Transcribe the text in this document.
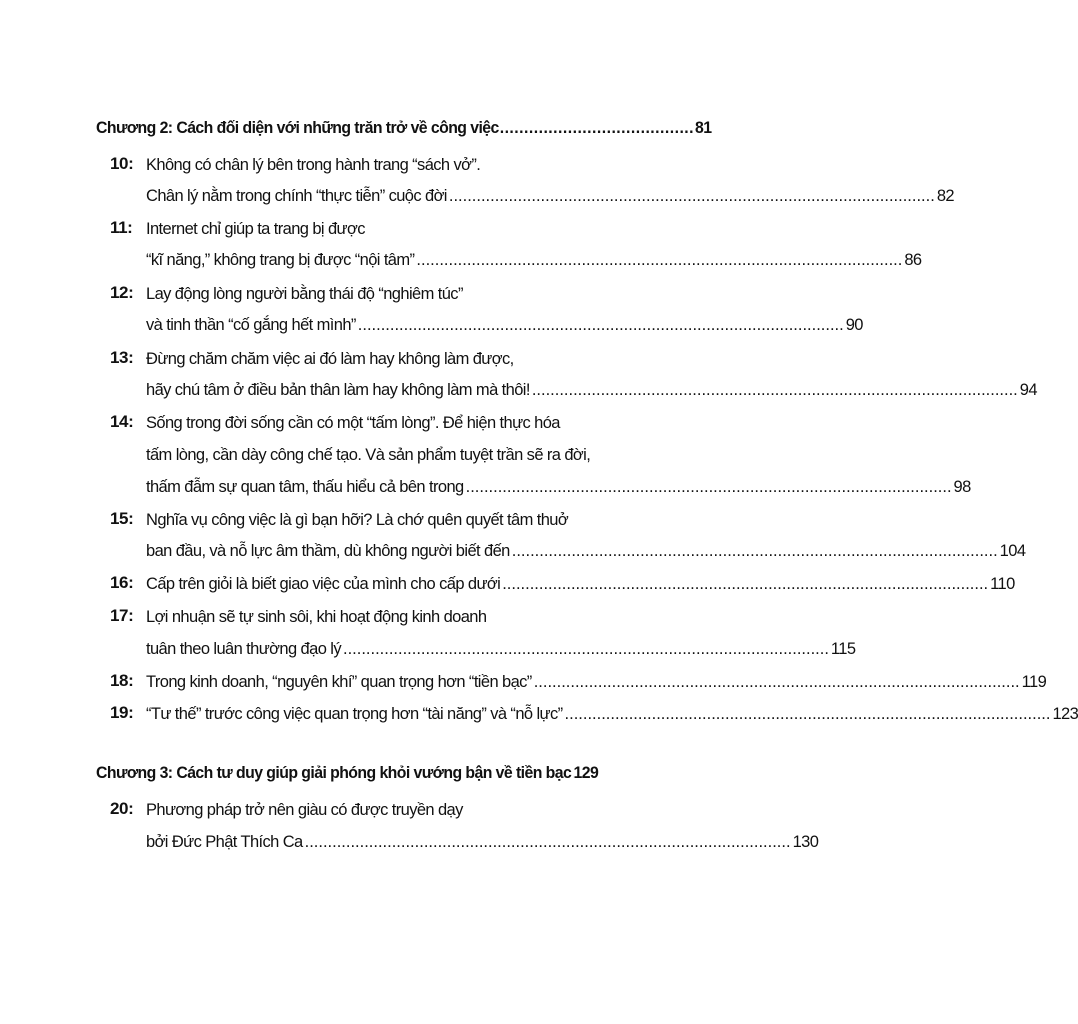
Chương 2: Cách đối diện với những trăn trở về công việc ........................................ 81
10: Không có chân lý bên trong hành trang “sách vở”.
Chân lý nằm trong chính “thực tiễn” cuộc đời .......................................................................................................... 82
11: Internet chỉ giúp ta trang bị được
“kĩ năng,” không trang bị được “nội tâm” .......................................................................................................... 86
12: Lay động lòng người bằng thái độ “nghiêm túc”
và tinh thần “cố gắng hết mình” .......................................................................................................... 90
13: Đừng chăm chăm việc ai đó làm hay không làm được,
hãy chú tâm ở điều bản thân làm hay không làm mà thôi! .......................................................................................................... 94
14: Sống trong đời sống cần có một “tấm lòng”. Để hiện thực hóa
tấm lòng, cần dày công chế tạo. Và sản phẩm tuyệt trần sẽ ra đời,
thấm đẫm sự quan tâm, thấu hiểu cả bên trong .......................................................................................................... 98
15: Nghĩa vụ công việc là gì bạn hỡi? Là chớ quên quyết tâm thuở
ban đầu, và nỗ lực âm thầm, dù không người biết đến .......................................................................................................... 104
16: Cấp trên giỏi là biết giao việc của mình cho cấp dưới .......................................................................................................... 110
17: Lợi nhuận sẽ tự sinh sôi, khi hoạt động kinh doanh
tuân theo luân thường đạo lý .......................................................................................................... 115
18: Trong kinh doanh, “nguyên khí” quan trọng hơn “tiền bạc” .......................................................................................................... 119
19: “Tư thế” trước công việc quan trọng hơn “tài năng” và “nỗ lực” .......................................................................................................... 123
Chương 3: Cách tư duy giúp giải phóng khỏi vướng bận về tiền bạc 129
20: Phương pháp trở nên giàu có được truyền dạy
bởi Đức Phật Thích Ca .......................................................................................................... 130
